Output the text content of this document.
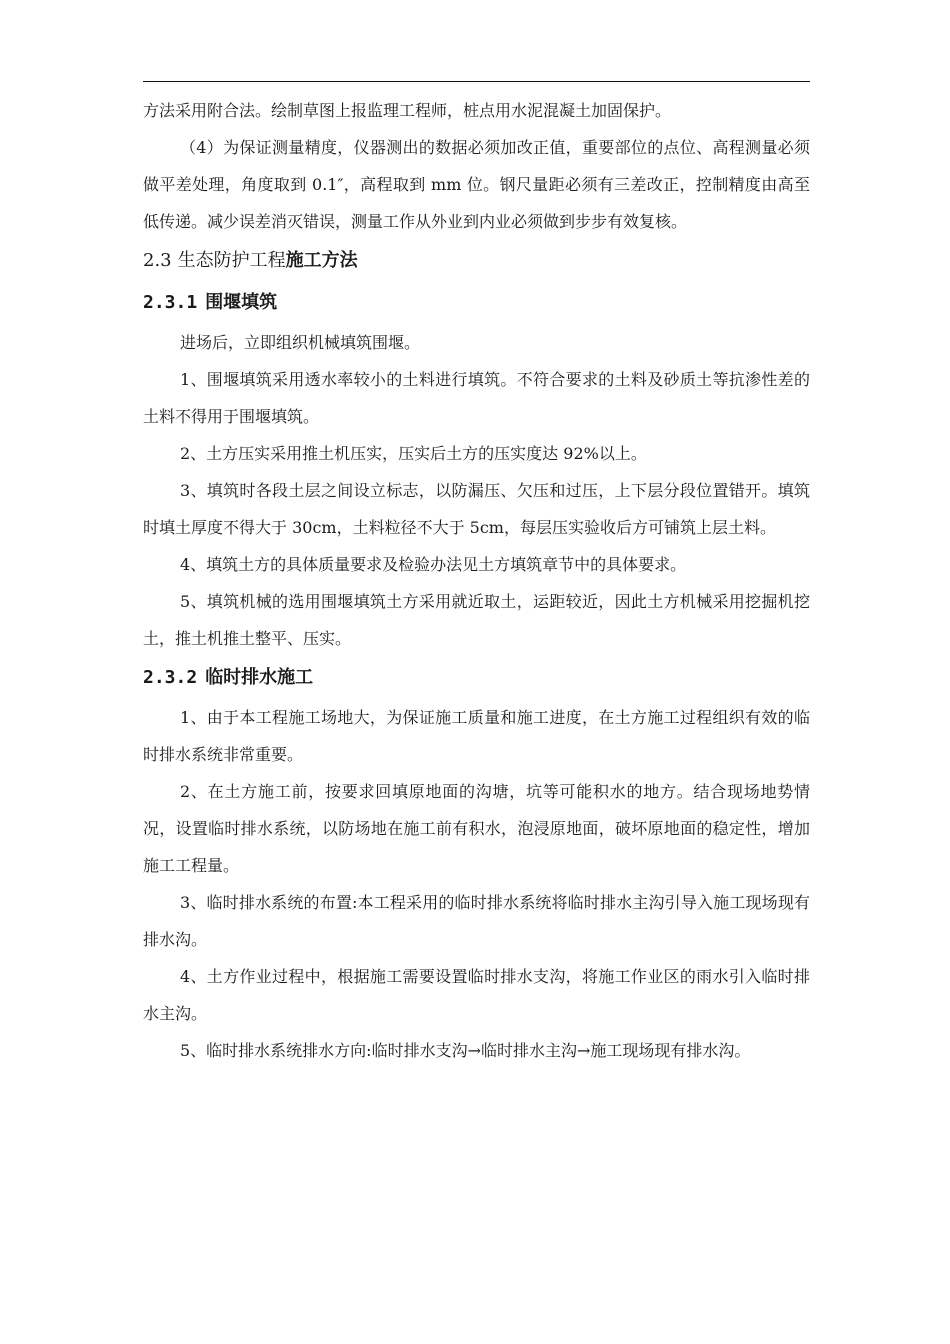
方法采用附合法。绘制草图上报监理工程师，桩点用水泥混凝土加固保护。

（4）为保证测量精度，仪器测出的数据必须加改正值，重要部位的点位、高程测量必须做平差处理，角度取到 0.1″，高程取到 mm 位。钢尺量距必须有三差改正，控制精度由高至低传递。减少误差消灭错误，测量工作从外业到内业必须做到步步有效复核。

2.3 生态防护工程施工方法
2.3.1 围堰填筑

进场后，立即组织机械填筑围堰。

1、围堰填筑采用透水率较小的土料进行填筑。不符合要求的土料及砂质土等抗渗性差的土料不得用于围堰填筑。

2、土方压实采用推土机压实，压实后土方的压实度达 92%以上。

3、填筑时各段土层之间设立标志，以防漏压、欠压和过压，上下层分段位置错开。填筑时填土厚度不得大于 30cm，土料粒径不大于 5cm，每层压实验收后方可铺筑上层土料。

4、填筑土方的具体质量要求及检验办法见土方填筑章节中的具体要求。

5、填筑机械的选用围堰填筑土方采用就近取土，运距较近，因此土方机械采用挖掘机挖土，推土机推土整平、压实。

2.3.2 临时排水施工

1、由于本工程施工场地大，为保证施工质量和施工进度，在土方施工过程组织有效的临时排水系统非常重要。

2、在土方施工前，按要求回填原地面的沟塘，坑等可能积水的地方。结合现场地势情况，设置临时排水系统，以防场地在施工前有积水，泡浸原地面，破坏原地面的稳定性，增加施工工程量。

3、临时排水系统的布置:本工程采用的临时排水系统将临时排水主沟引导入施工现场现有排水沟。

4、土方作业过程中，根据施工需要设置临时排水支沟，将施工作业区的雨水引入临时排水主沟。

5、临时排水系统排水方向:临时排水支沟→临时排水主沟→施工现场现有排水沟。
